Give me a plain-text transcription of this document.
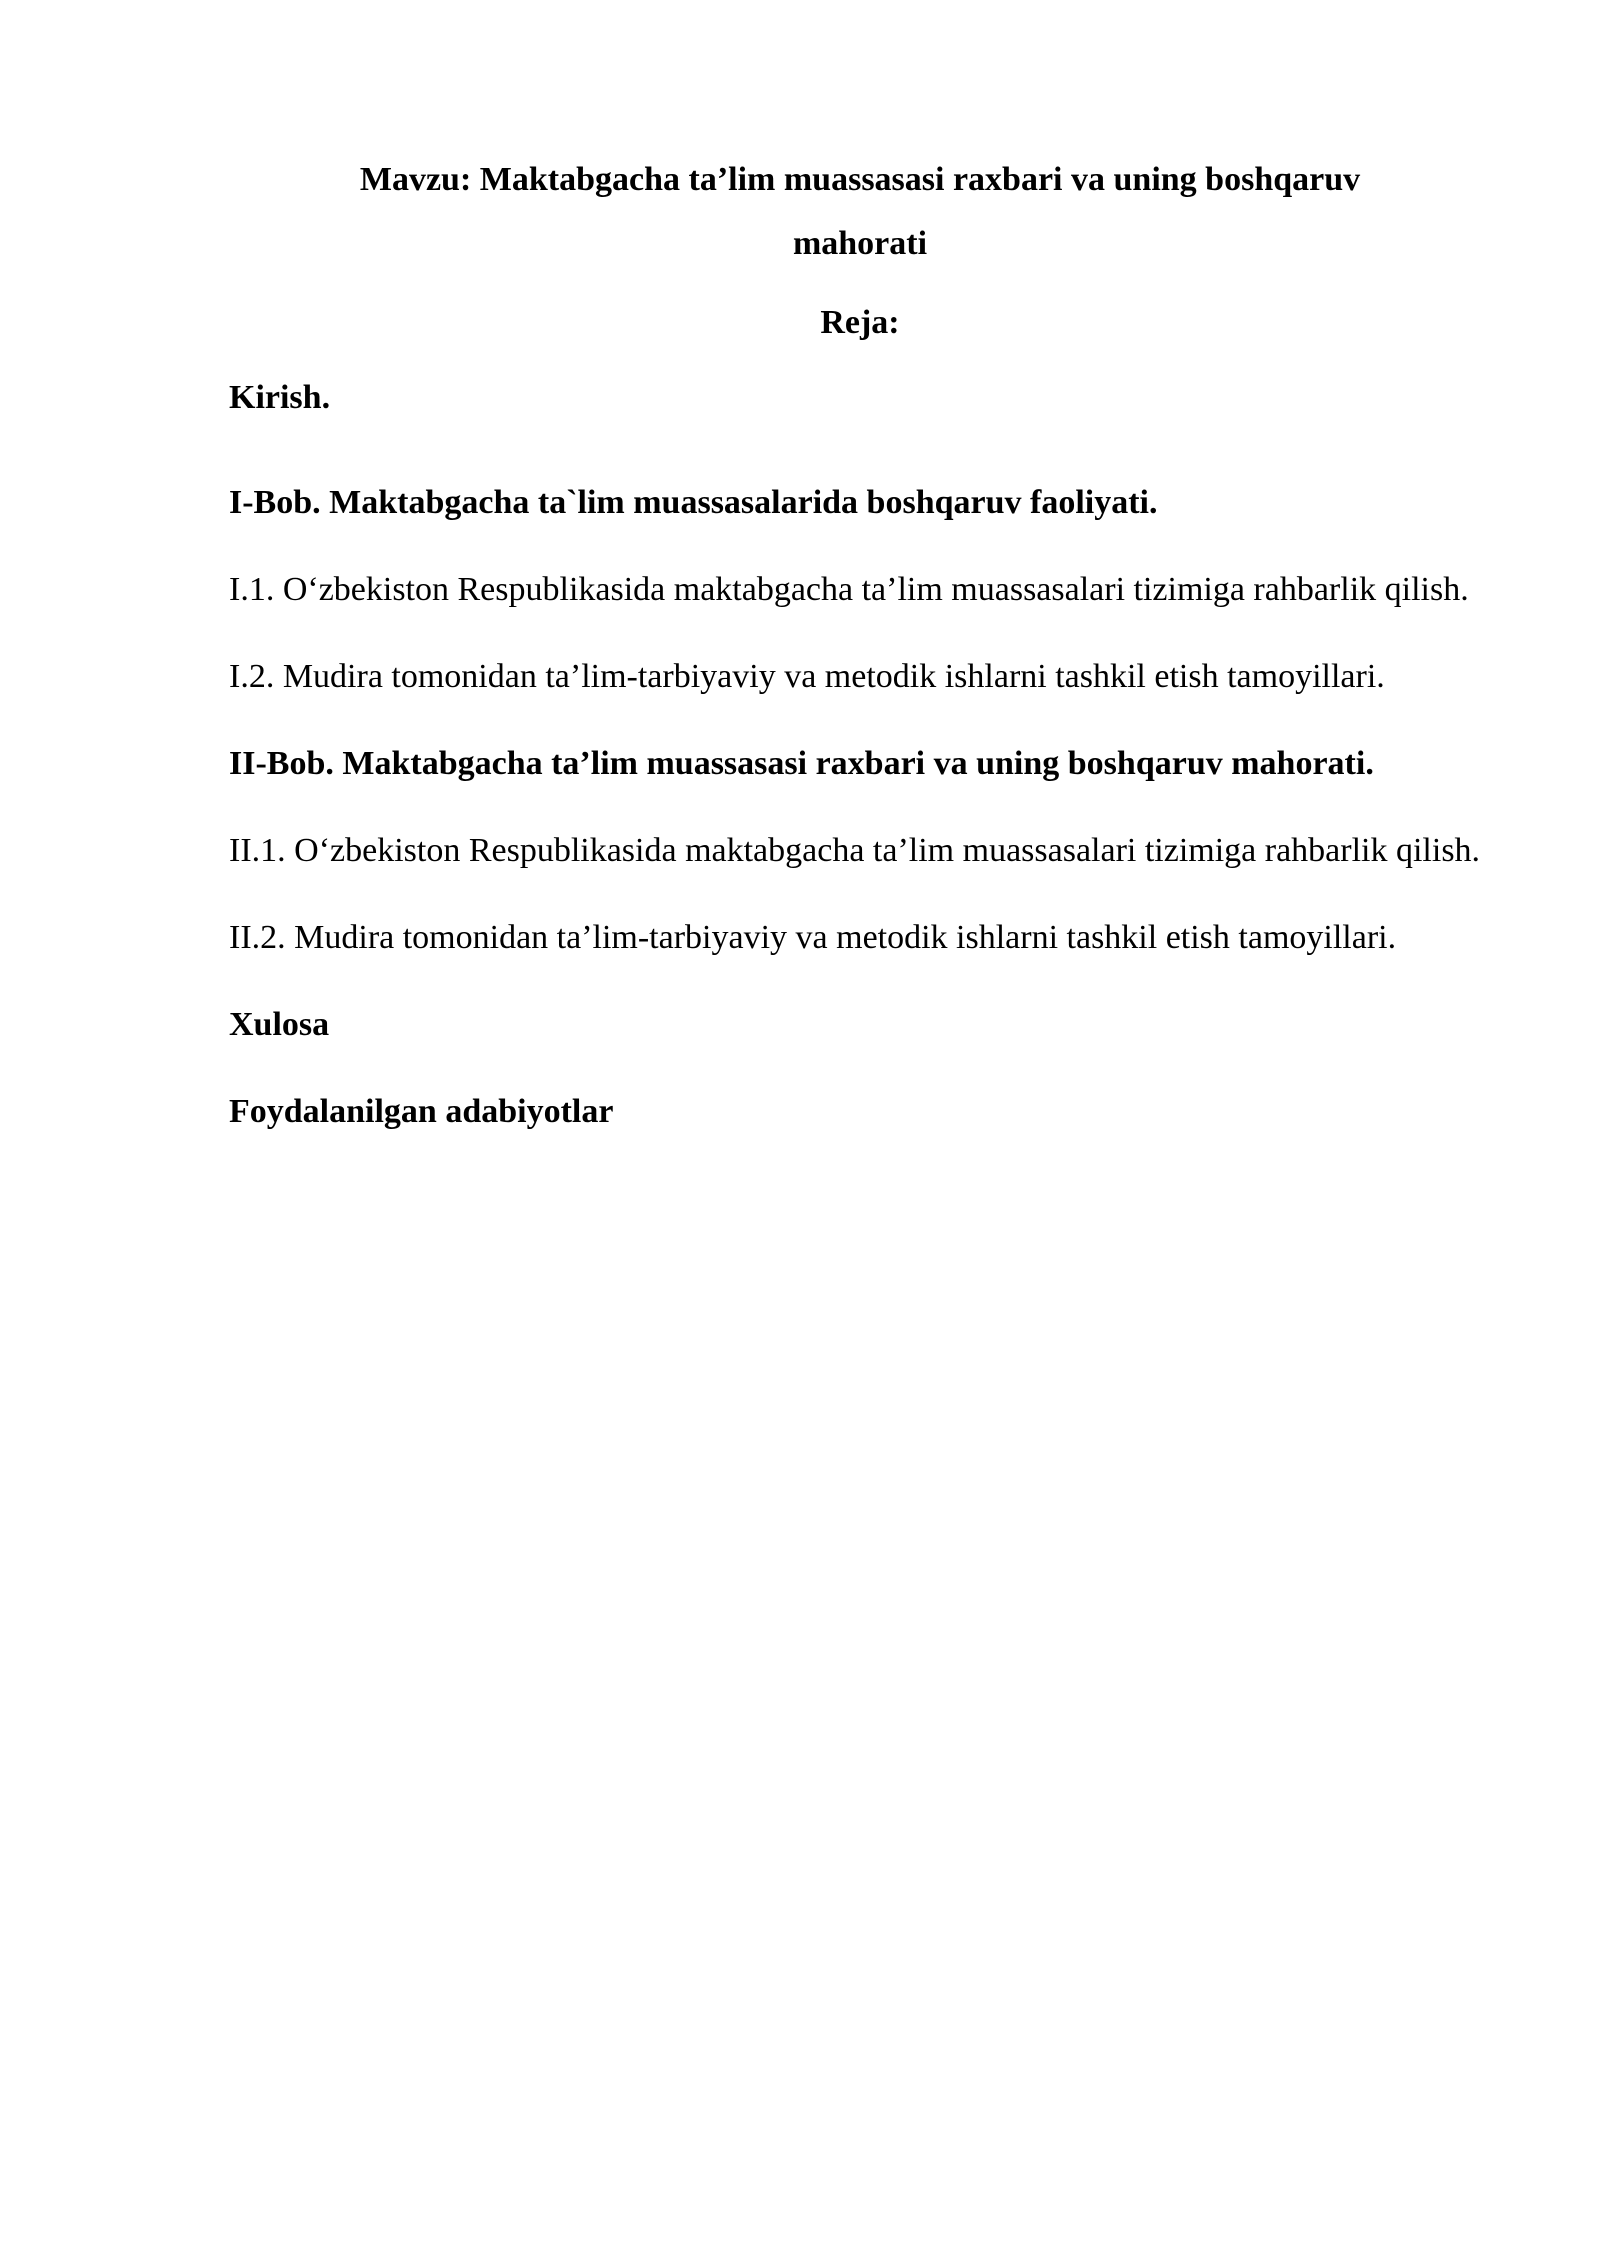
Mavzu: Maktabgacha ta’lim muassasasi raxbari va uning boshqaruv mahorati
Reja:

Kirish.

I-Bob. Maktabgacha ta`lim muassasalarida boshqaruv faoliyati.

I.1. O‘zbekiston Respublikasida maktabgacha ta’lim muassasalari tizimiga rahbarlik qilish.

I.2. Mudira tomonidan ta’lim-tarbiyaviy va metodik ishlarni tashkil etish tamoyillari.

II-Bob. Maktabgacha ta’lim muassasasi raxbari va uning boshqaruv mahorati.

II.1. O‘zbekiston Respublikasida maktabgacha ta’lim muassasalari tizimiga rahbarlik qilish.

II.2. Mudira tomonidan ta’lim-tarbiyaviy va metodik ishlarni tashkil etish tamoyillari.

Xulosa

Foydalanilgan adabiyotlar
